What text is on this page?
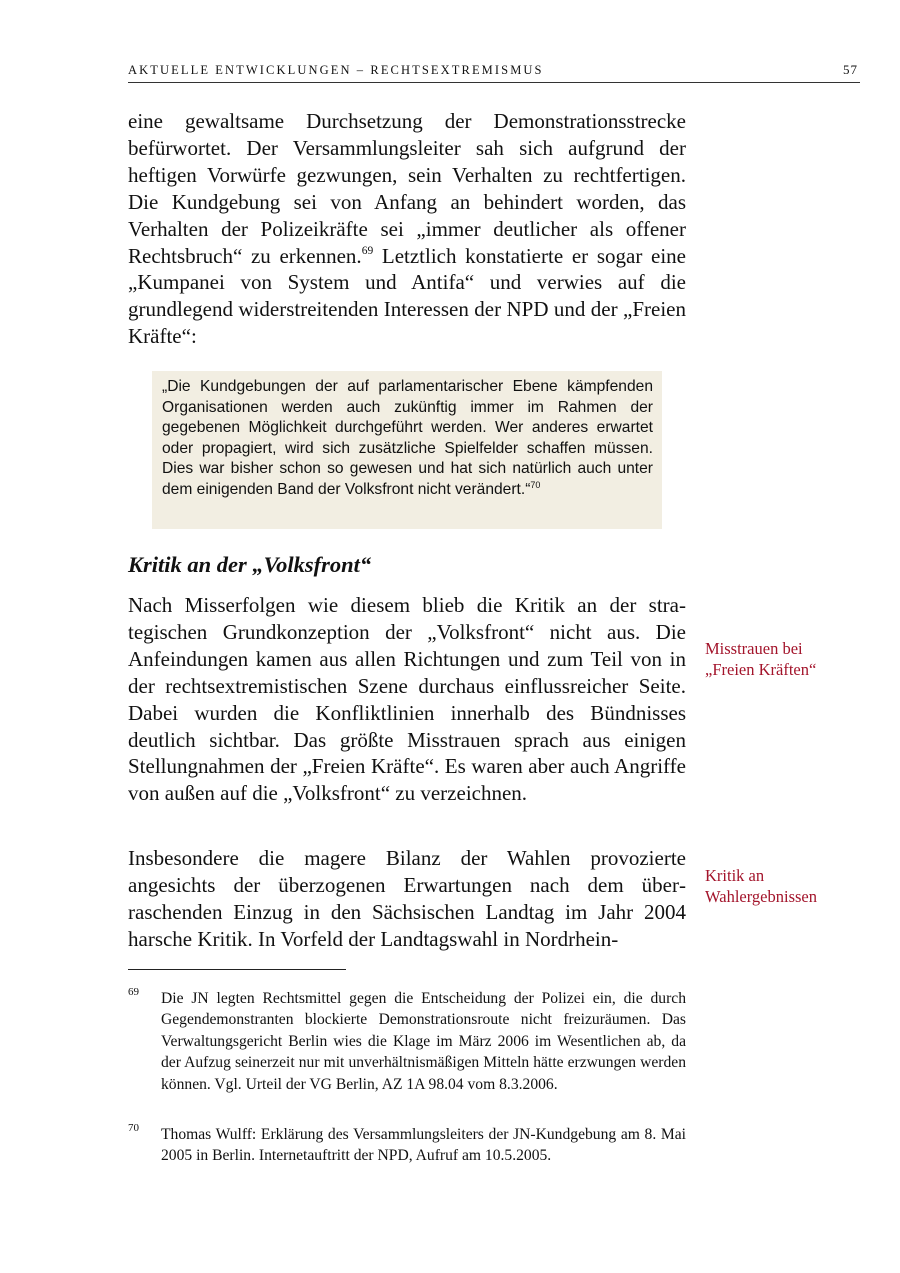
AKTUELLE ENTWICKLUNGEN – RECHTSEXTREMISMUS	57

eine gewaltsame Durchsetzung der Demonstrationsstrecke befürwortet. Der Versammlungsleiter sah sich aufgrund der heftigen Vorwürfe gezwungen, sein Verhalten zu rechtfertigen. Die Kundgebung sei von Anfang an behindert worden, das Verhalten der Polizeikräfte sei „immer deutlicher als offener Rechtsbruch“ zu erkennen.$^{69}$ Letztlich konstatierte er sogar eine „Kumpanei von System und Antifa“ und verwies auf die grundlegend widerstreitenden Interessen der NPD und der „Freien Kräfte“:

„Die Kundgebungen der auf parlamentarischer Ebene kämpfenden Organisationen werden auch zukünftig immer im Rahmen der gegebenen Möglichkeit durchgeführt werden. Wer anderes erwartet oder propagiert, wird sich zusätzliche Spielfelder schaffen müssen. Dies war bisher schon so gewesen und hat sich natürlich auch unter dem einigenden Band der Volksfront nicht verändert.“$^{70}$

Kritik an der „Volksfront“

Nach Misserfolgen wie diesem blieb die Kritik an der strategischen Grundkonzeption der „Volksfront“ nicht aus. Die Anfeindungen kamen aus allen Richtungen und zum Teil von in der rechtsextremistischen Szene durchaus einflussreicher Seite. Dabei wurden die Konfliktlinien innerhalb des Bündnisses deutlich sichtbar. Das größte Misstrauen sprach aus einigen Stellungnahmen der „Freien Kräfte“. Es waren aber auch Angriffe von außen auf die „Volksfront“ zu verzeichnen.

Insbesondere die magere Bilanz der Wahlen provozierte angesichts der überzogenen Erwartungen nach dem überraschenden Einzug in den Sächsischen Landtag im Jahr 2004 harsche Kritik. In Vorfeld der Landtagswahl in Nordrhein-

Misstrauen bei
„Freien Kräften“
Kritik an
Wahlergebnissen
69 Die JN legten Rechtsmittel gegen die Entscheidung der Polizei ein, die durch Gegendemonstranten blockierte Demonstrationsroute nicht freizuräumen. Das Verwaltungsgericht Berlin wies die Klage im März 2006 im Wesentlichen ab, da der Aufzug seinerzeit nur mit unverhältnismäßigen Mitteln hätte erzwungen werden können. Vgl. Urteil der VG Berlin, AZ 1A 98.04 vom 8.3.2006.

70 Thomas Wulff: Erklärung des Versammlungsleiters der JN-Kundgebung am 8. Mai 2005 in Berlin. Internetauftritt der NPD, Aufruf am 10.5.2005.
